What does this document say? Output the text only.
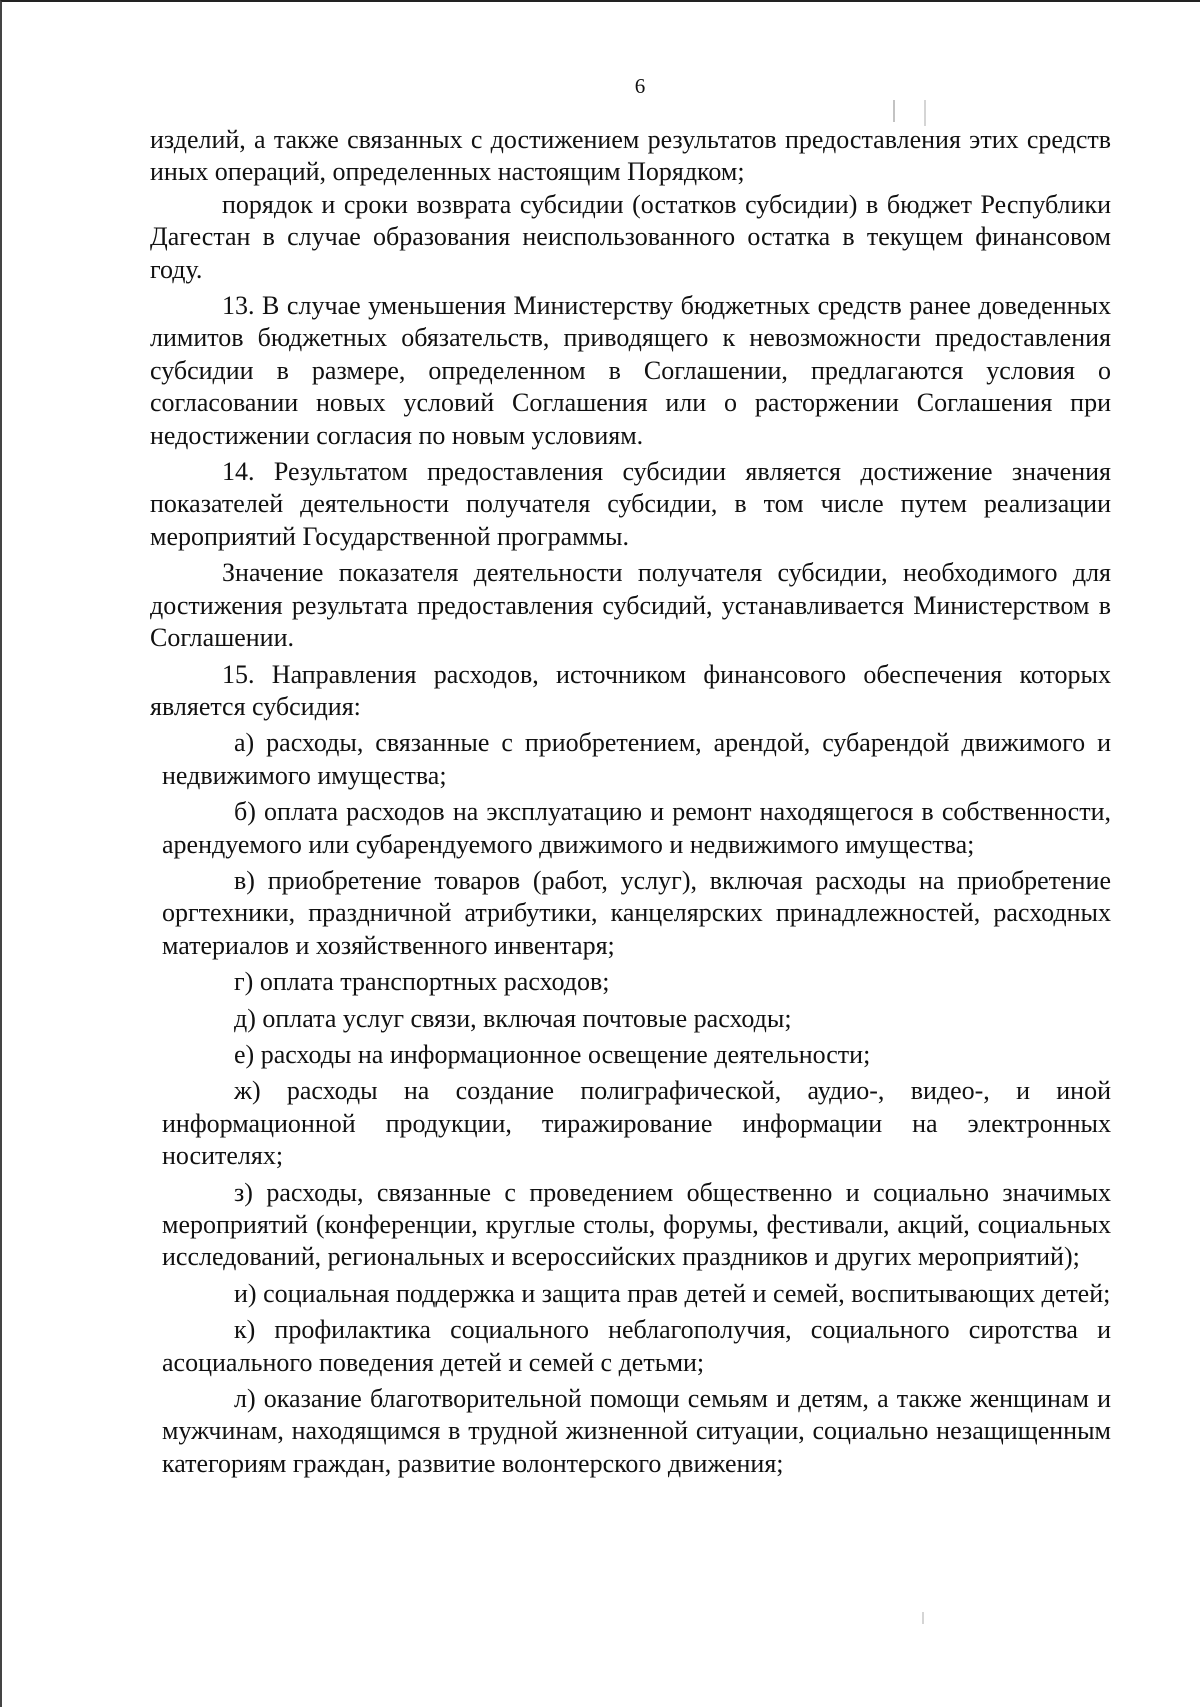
6

изделий, а также связанных с достижением результатов предоставления этих средств иных операций, определенных настоящим Порядком;

порядок и сроки возврата субсидии (остатков субсидии) в бюджет Республики Дагестан в случае образования неиспользованного остатка в текущем финансовом году.

13. В случае уменьшения Министерству бюджетных средств ранее доведенных лимитов бюджетных обязательств, приводящего к невозможности предоставления субсидии в размере, определенном в Соглашении, предлагаются условия о согласовании новых условий Соглашения или о расторжении Соглашения при недостижении согласия по новым условиям.

14. Результатом предоставления субсидии является достижение значения показателей деятельности получателя субсидии, в том числе путем реализации мероприятий Государственной программы.

Значение показателя деятельности получателя субсидии, необходимого для достижения результата предоставления субсидий, устанавливается Министерством в Соглашении.

15. Направления расходов, источником финансового обеспечения которых является субсидия:

а) расходы, связанные с приобретением, арендой, субарендой движимого и недвижимого имущества;

б) оплата расходов на эксплуатацию и ремонт находящегося в собственности, арендуемого или субарендуемого движимого и недвижимого имущества;

в) приобретение товаров (работ, услуг), включая расходы на приобретение оргтехники, праздничной атрибутики, канцелярских принадлежностей, расходных материалов и хозяйственного инвентаря;

г) оплата транспортных расходов;

д) оплата услуг связи, включая почтовые расходы;

е) расходы на информационное освещение деятельности;

ж) расходы на создание полиграфической, аудио-, видео-, и иной информационной продукции, тиражирование информации на электронных носителях;

з) расходы, связанные с проведением общественно и социально значимых мероприятий (конференции, круглые столы, форумы, фестивали, акций, социальных исследований, региональных и всероссийских праздников и других мероприятий);

и) социальная поддержка и защита прав детей и семей, воспитывающих детей;

к) профилактика социального неблагополучия, социального сиротства и асоциального поведения детей и семей с детьми;

л) оказание благотворительной помощи семьям и детям, а также женщинам и мужчинам, находящимся в трудной жизненной ситуации, социально незащищенным категориям граждан, развитие волонтерского движения;
